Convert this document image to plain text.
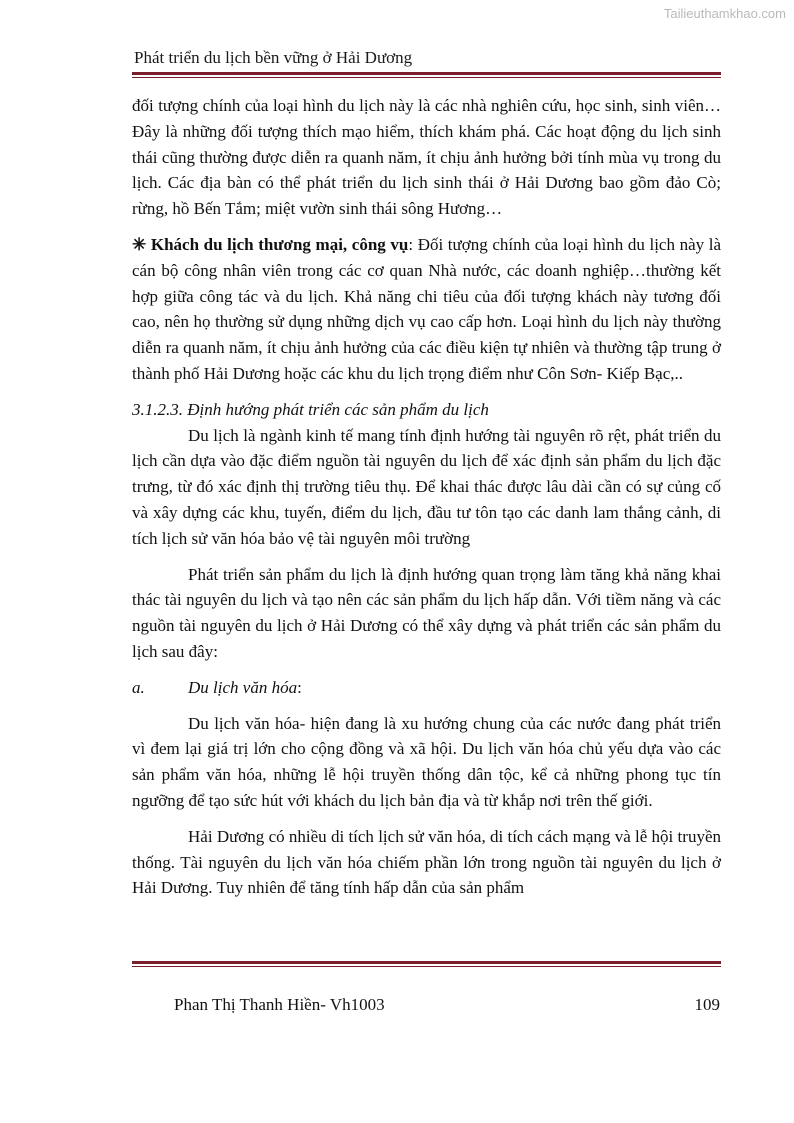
Tailieuthamkhao.com
Phát triển du lịch bền vững ở Hải Dương

đối tượng chính của loại hình du lịch này là các nhà nghiên cứu, học sinh, sinh viên…Đây là những đối tượng thích mạo hiểm, thích khám phá. Các hoạt động du lịch sinh thái cũng thường được diễn ra quanh năm, ít chịu ảnh hưởng bởi tính mùa vụ trong du lịch. Các địa bàn có thể phát triển du lịch sinh thái ở Hải Dương bao gồm đảo Cò; rừng, hồ Bến Tắm; miệt vườn sinh thái sông Hương…

✳ Khách du lịch thương mại, công vụ: Đối tượng chính của loại hình du lịch này là cán bộ công nhân viên trong các cơ quan Nhà nước, các doanh nghiệp…thường kết hợp giữa công tác và du lịch. Khả năng chi tiêu của đối tượng khách này tương đối cao, nên họ thường sử dụng những dịch vụ cao cấp hơn. Loại hình du lịch này thường diễn ra quanh năm, ít chịu ảnh hưởng của các điều kiện tự nhiên và thường tập trung ở thành phố Hải Dương hoặc các khu du lịch trọng điểm như Côn Sơn- Kiếp Bạc,..

3.1.2.3. Định hướng phát triển các sản phẩm du lịch

Du lịch là ngành kinh tế mang tính định hướng tài nguyên rõ rệt, phát triển du lịch cần dựa vào đặc điểm nguồn tài nguyên du lịch để xác định sản phẩm du lịch đặc trưng, từ đó xác định thị trường tiêu thụ. Để khai thác được lâu dài cần có sự củng cố và xây dựng các khu, tuyến, điểm du lịch, đầu tư tôn tạo các danh lam thắng cảnh, di tích lịch sử văn hóa bảo vệ tài nguyên môi trường

Phát triển sản phẩm du lịch là định hướng quan trọng làm tăng khả năng khai thác tài nguyên du lịch và tạo nên các sản phẩm du lịch hấp dẫn. Với tiềm năng và các nguồn tài nguyên du lịch ở Hải Dương có thể xây dựng và phát triển các sản phẩm du lịch sau đây:

a.	Du lịch văn hóa:

Du lịch văn hóa- hiện đang là xu hướng chung của các nước đang phát triển vì đem lại giá trị lớn cho cộng đồng và xã hội. Du lịch văn hóa chủ yếu dựa vào các sản phẩm văn hóa, những lễ hội truyền thống dân tộc, kể cả những phong tục tín ngưỡng để tạo sức hút với khách du lịch bản địa và từ khắp nơi trên thế giới.

Hải Dương có nhiều di tích lịch sử văn hóa, di tích cách mạng và lễ hội truyền thống. Tài nguyên du lịch văn hóa chiếm phần lớn trong nguồn tài nguyên du lịch ở Hải Dương. Tuy nhiên để tăng tính hấp dẫn của sản phẩm

Phan Thị Thanh Hiền- Vh1003	109
